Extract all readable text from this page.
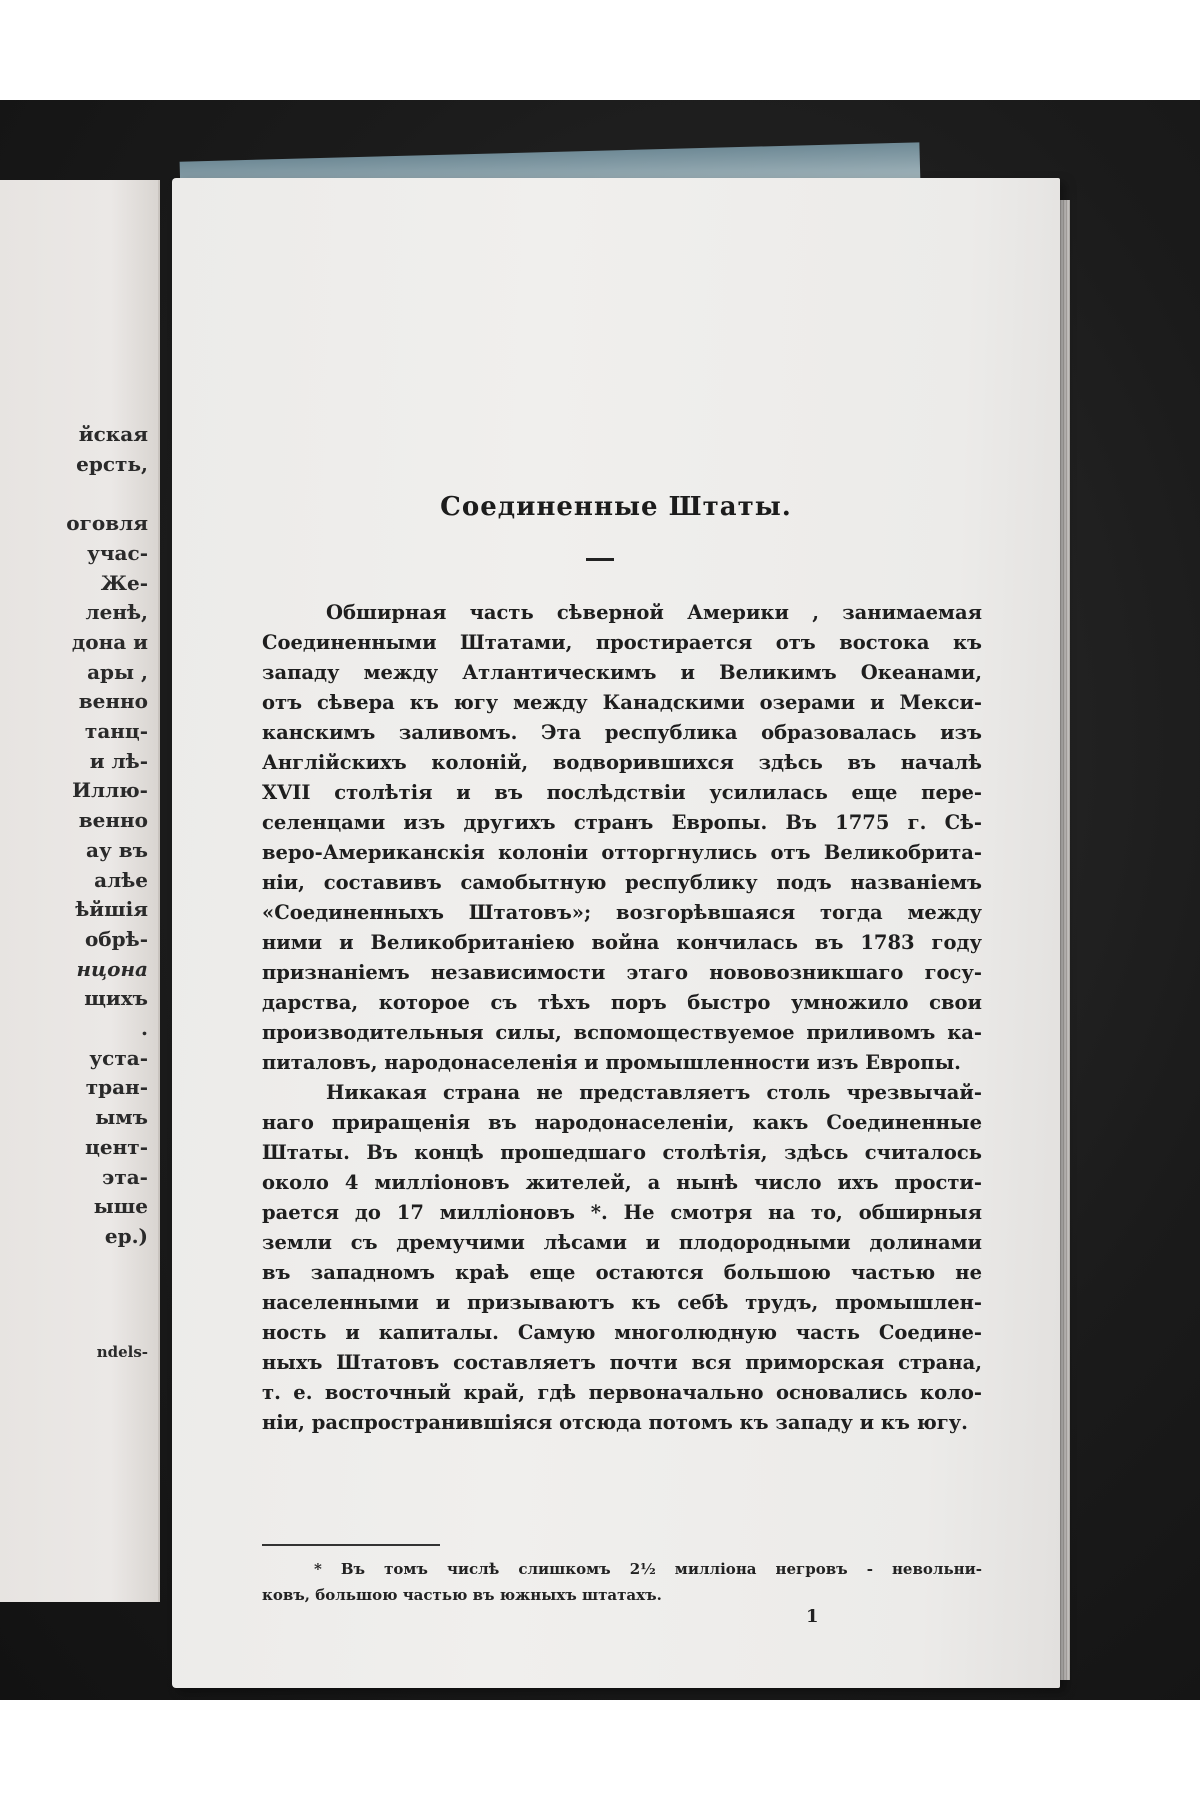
йская
ерсть,
оговля
учас-
Же-
ленѣ,
дона и
ары ,
венно
танц-
и лѣ-
Иллю-
венно
ау въ
алѣе
ѣйшія
обрѣ-
нцона
щихъ
.
уста-
тран-
ымъ
цент-
эта-
ыше
ер.)
ndels-
Соединенные Штаты.
Обширная часть сѣверной Америки , занимаемая
Соединенными Штатами, простирается отъ востока къ
западу между Атлантическимъ и Великимъ Океанами,
отъ сѣвера къ югу между Канадскими озерами и Мекси-
канскимъ заливомъ. Эта республика образовалась изъ
Англійскихъ колоній, водворившихся здѣсь въ началѣ
XVII столѣтія и въ послѣдствіи усилилась еще пере-
селенцами изъ другихъ странъ Европы. Въ 1775 г. Сѣ-
веро-Американскія колоніи отторгнулись отъ Великобрита-
ніи, составивъ самобытную республику подъ названіемъ
«Соединенныхъ Штатовъ»; возгорѣвшаяся тогда между
ними и Великобританіею война кончилась въ 1783 году
признаніемъ независимости этаго нововозникшаго госу-
дарства, которое съ тѣхъ поръ быстро умножило свои
производительныя силы, вспомоществуемое приливомъ ка-
питаловъ, народонаселенія и промышленности изъ Европы.
Никакая страна не представляетъ столь чрезвычай-
наго приращенія въ народонаселеніи, какъ Соединенные
Штаты. Въ концѣ прошедшаго столѣтія, здѣсь считалось
около 4 милліоновъ жителей, а нынѣ число ихъ прости-
рается до 17 милліоновъ *. Не смотря на то, обширныя
земли съ дремучими лѣсами и плодородными долинами
въ западномъ краѣ еще остаются большою частью не
населенными и призываютъ къ себѣ трудъ, промышлен-
ность и капиталы. Самую многолюдную часть Соедине-
ныхъ Штатовъ составляетъ почти вся приморская страна,
т. е. восточный край, гдѣ первоначально основались коло-
ніи, распространившіяся отсюда потомъ къ западу и къ югу.
* Въ томъ числѣ слишкомъ 2½ милліона негровъ - невольни-
ковъ, большою частью въ южныхъ штатахъ.
1
